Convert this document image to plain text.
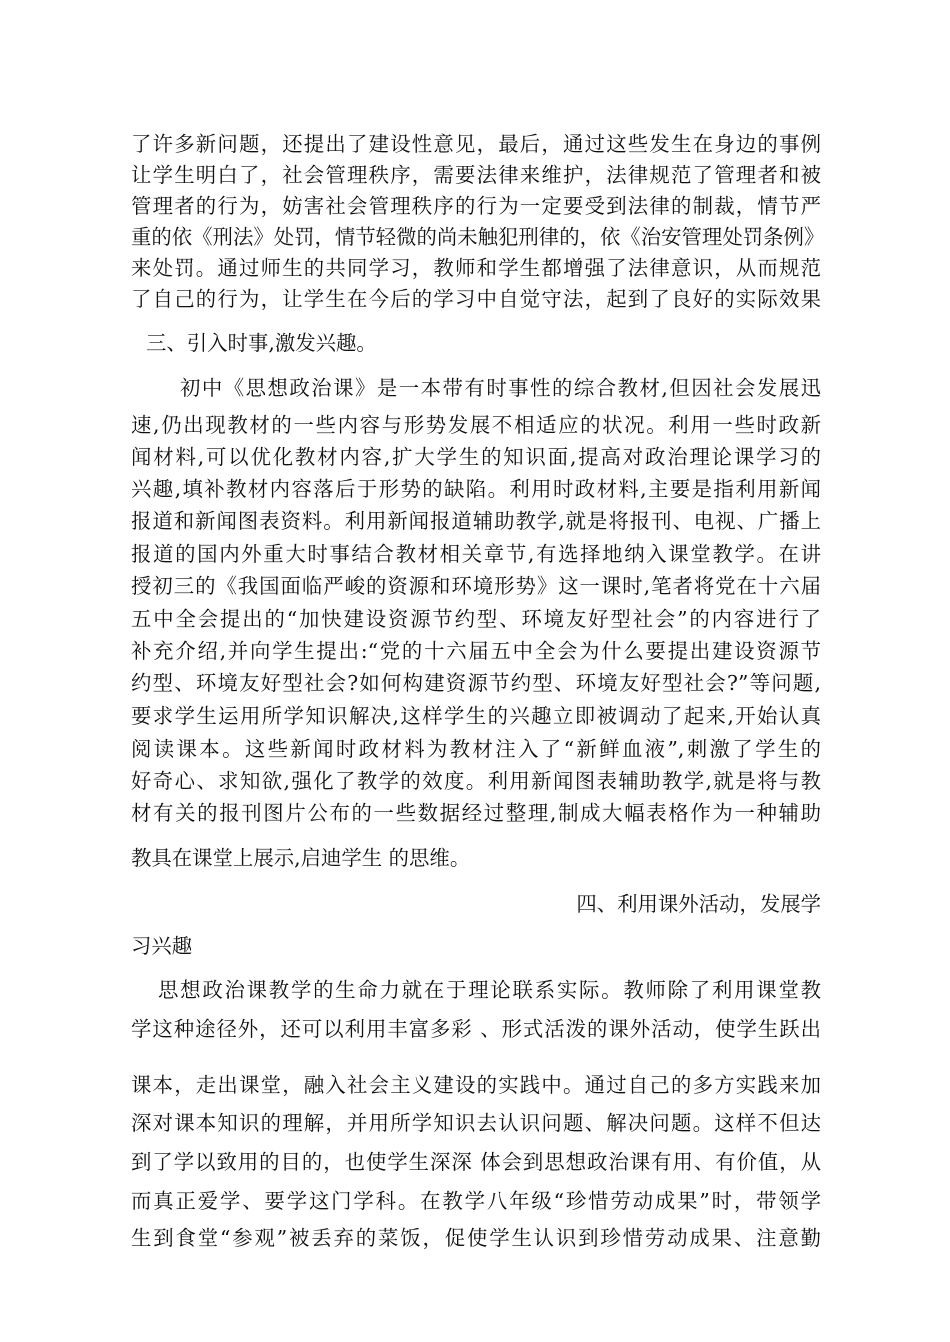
了许多新问题，还提出了建设性意见，最后，通过这些发生在身边的事例
让学生明白了，社会管理秩序，需要法律来维护，法律规范了管理者和被
管理者的行为，妨害社会管理秩序的行为一定要受到法律的制裁，情节严
重的依《刑法》处罚，情节轻微的尚未触犯刑律的，依《治安管理处罚条例》
来处罚。通过师生的共同学习，教师和学生都增强了法律意识，从而规范
了自己的行为，让学生在今后的学习中自觉守法，起到了良好的实际效果
三、引入时事,激发兴趣。
初中《思想政治课》是一本带有时事性的综合教材,但因社会发展迅
速,仍出现教材的一些内容与形势发展不相适应的状况。利用一些时政新
闻材料,可以优化教材内容,扩大学生的知识面,提高对政治理论课学习的
兴趣,填补教材内容落后于形势的缺陷。利用时政材料,主要是指利用新闻
报道和新闻图表资料。利用新闻报道辅助教学,就是将报刊、电视、广播上
报道的国内外重大时事结合教材相关章节,有选择地纳入课堂教学。在讲
授初三的《我国面临严峻的资源和环境形势》这一课时,笔者将党在十六届
五中全会提出的“加快建设资源节约型、环境友好型社会”的内容进行了
补充介绍,并向学生提出:“党的十六届五中全会为什么要提出建设资源节
约型、环境友好型社会?如何构建资源节约型、环境友好型社会?”等问题,
要求学生运用所学知识解决,这样学生的兴趣立即被调动了起来,开始认真
阅读课本。这些新闻时政材料为教材注入了“新鲜血液”,刺激了学生的
好奇心、求知欲,强化了教学的效度。利用新闻图表辅助教学,就是将与教
材有关的报刊图片公布的一些数据经过整理,制成大幅表格作为一种辅助
教具在课堂上展示,启迪学生 的思维。
四、利用课外活动，发展学
习兴趣
思想政治课教学的生命力就在于理论联系实际。教师除了利用课堂教
学这种途径外，还可以利用丰富多彩 、形式活泼的课外活动，使学生跃出
课本，走出课堂，融入社会主义建设的实践中。通过自己的多方实践来加
深对课本知识的理解，并用所学知识去认识问题、解决问题。这样不但达
到了学以致用的目的，也使学生深深 体会到思想政治课有用、有价值，从
而真正爱学、要学这门学科。在教学八年级“珍惜劳动成果”时，带领学
生到食堂“参观”被丢弃的菜饭，促使学生认识到珍惜劳动成果、注意勤
